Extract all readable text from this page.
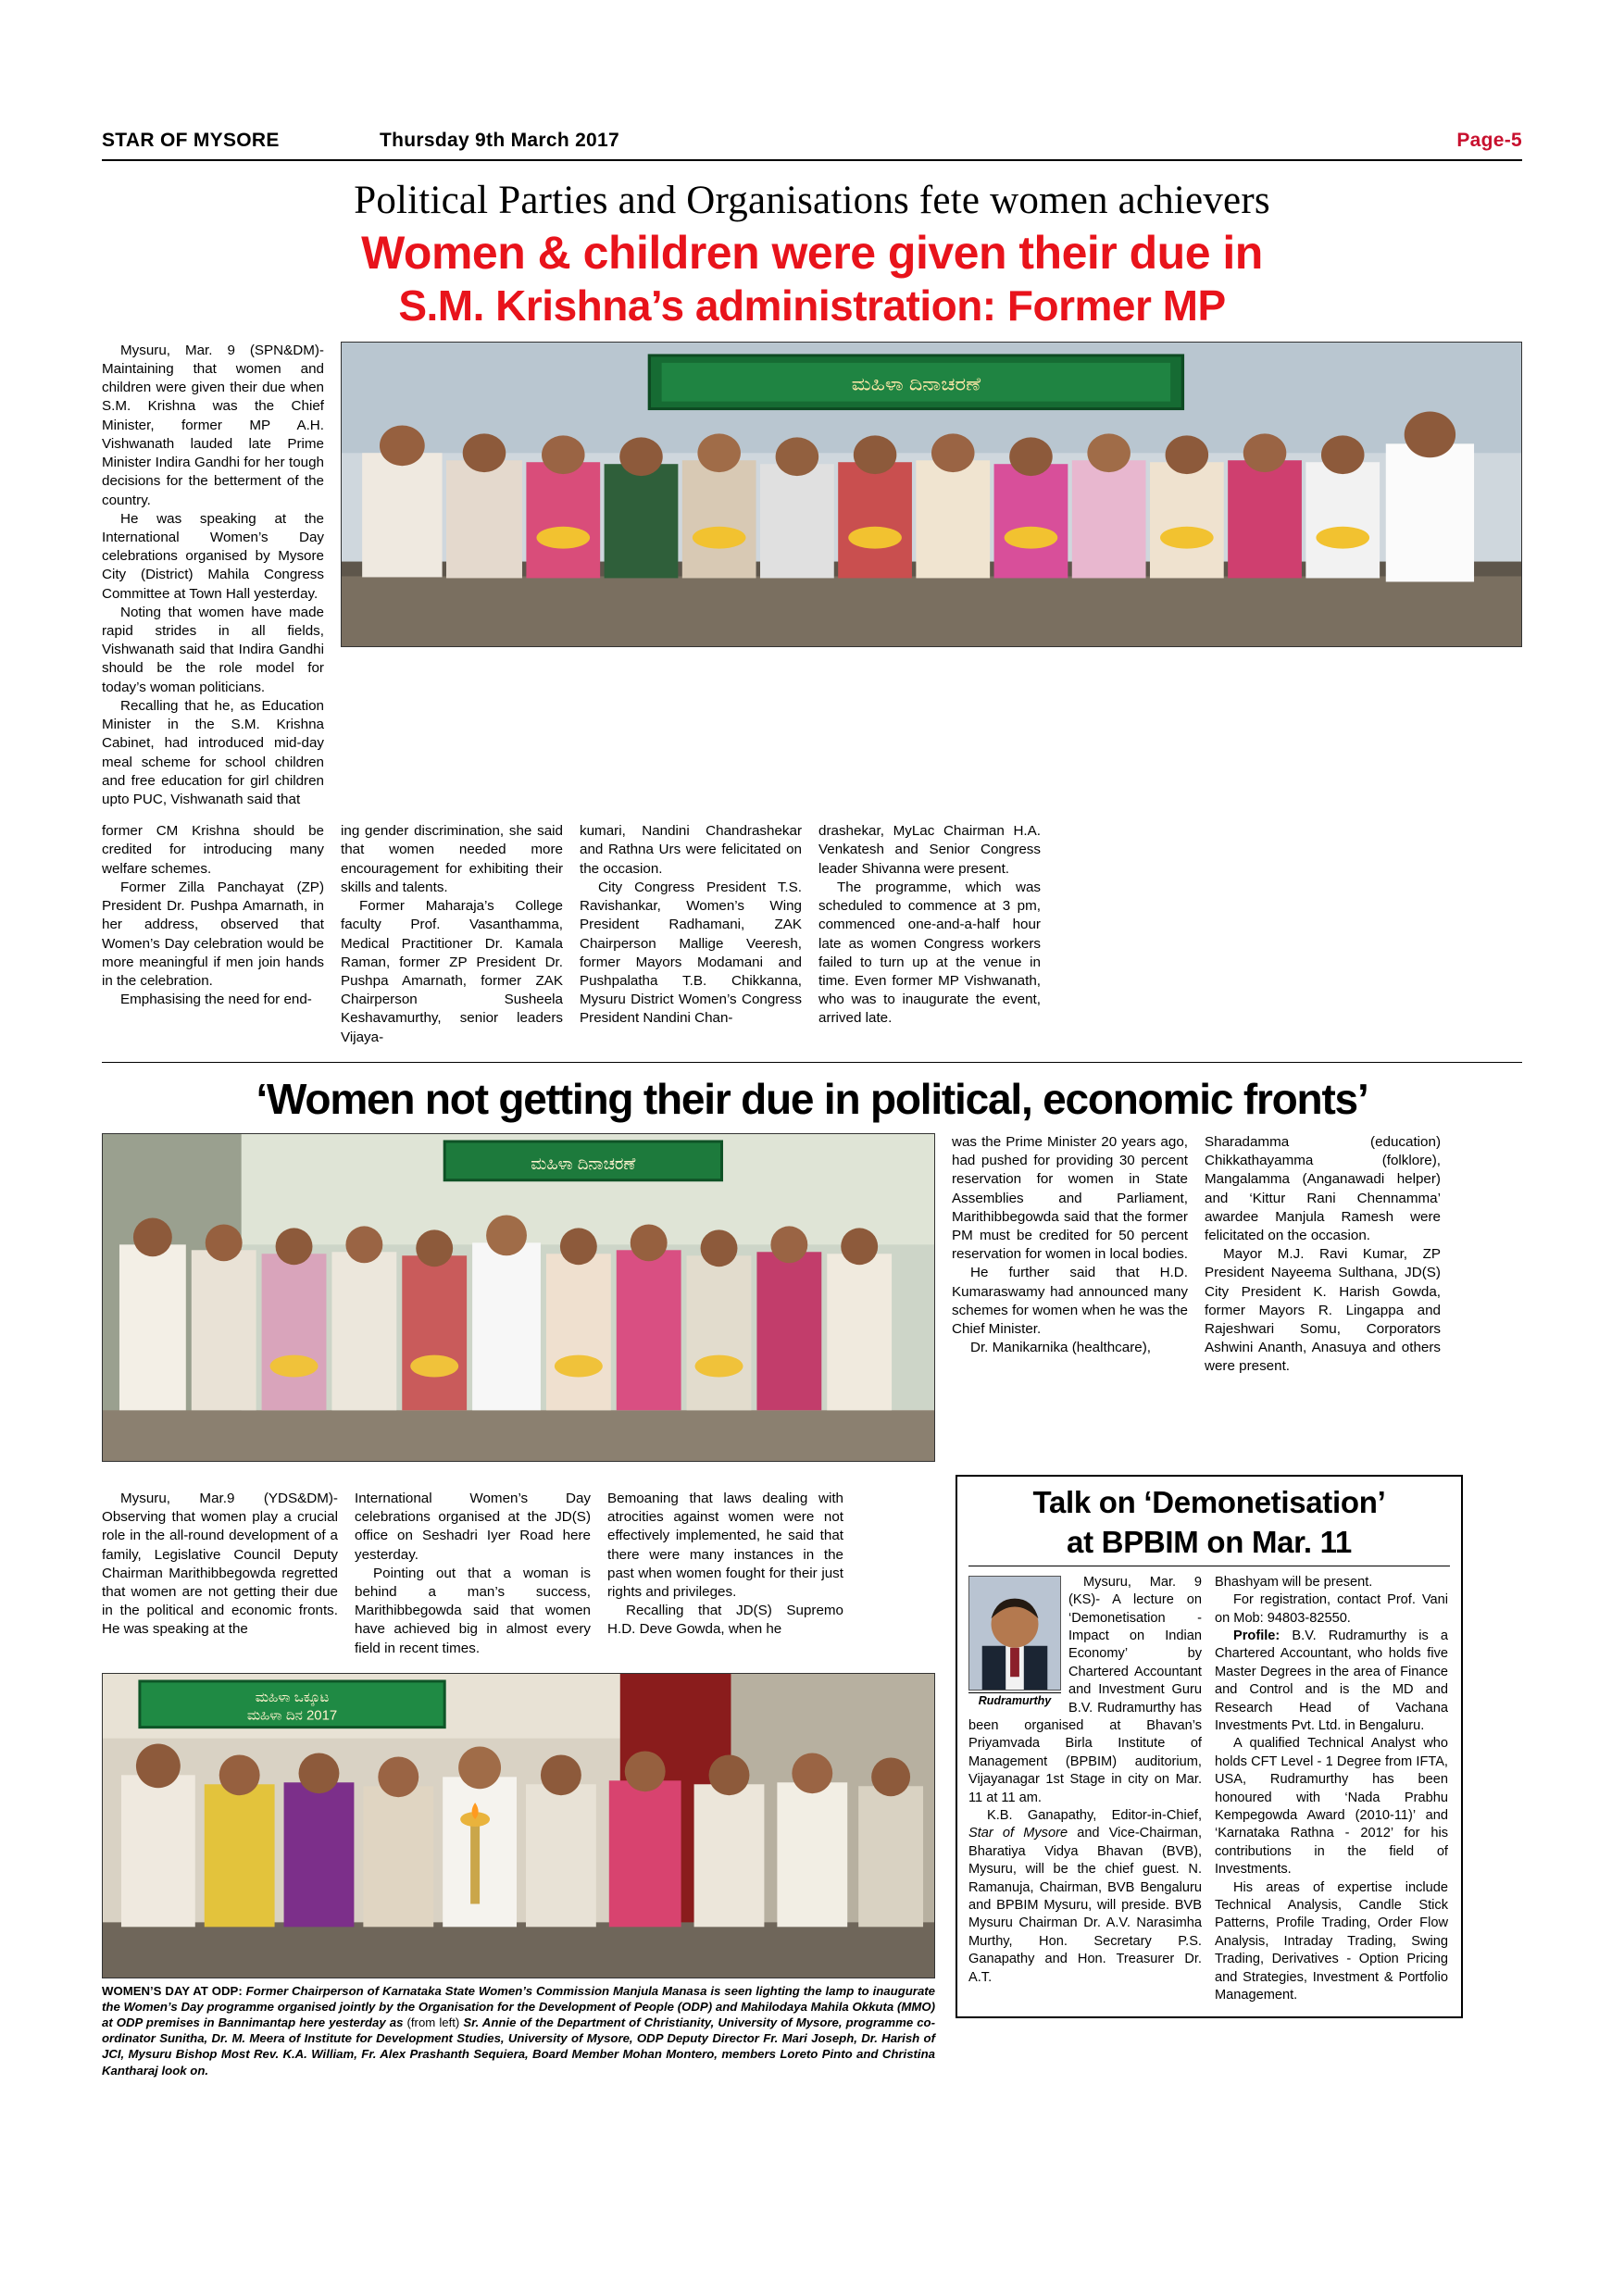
STAR OF MYSORE	Thursday 9th March 2017	Page-5
Political Parties and Organisations fete women achievers
Women & children were given their due in
S.M. Krishna’s administration: Former MP

Mysuru, Mar. 9 (SPN&DM)- Maintaining that women and children were given their due when S.M. Krishna was the Chief Minister, former MP A.H. Vishwanath lauded late Prime Minister Indira Gandhi for her tough decisions for the betterment of the country.

He was speaking at the International Women’s Day celebrations organised by Mysore City (District) Mahila Congress Committee at Town Hall yesterday.

Noting that women have made rapid strides in all fields, Vishwanath said that Indira Gandhi should be the role model for today’s woman politicians.

Recalling that he, as Education Minister in the S.M. Krishna Cabinet, had introduced mid-day meal scheme for school children and free education for girl children upto PUC, Vishwanath said that

ಮಹಿಳಾ ದಿನಾಚರಣೆ

former CM Krishna should be credited for introducing many welfare schemes.

Former Zilla Panchayat (ZP) President Dr. Pushpa Amarnath, in her address, observed that Women’s Day celebration would be more meaningful if men join hands in the celebration.

Emphasising the need for end-

ing gender discrimination, she said that women needed more encouragement for exhibiting their skills and talents.

Former Maharaja’s College faculty Prof. Vasanthamma, Medical Practitioner Dr. Kamala Raman, former ZP President Dr. Pushpa Amarnath, former ZAK Chairperson Susheela Keshavamurthy, senior leaders Vijaya-

kumari, Nandini Chandrashekar and Rathna Urs were felicitated on the occasion.

City Congress President T.S. Ravishankar, Women’s Wing President Radhamani, ZAK Chairperson Mallige Veeresh, former Mayors Modamani and Pushpalatha T.B. Chikkanna, Mysuru District Women’s Congress President Nandini Chan-

drashekar, MyLac Chairman H.A. Venkatesh and Senior Congress leader Shivanna were present.

The programme, which was scheduled to commence at 3 pm, commenced one-and-a-half hour late as women Congress workers failed to turn up at the venue in time. Even former MP Vishwanath, who was to inaugurate the event, arrived late.

‘Women not getting their due in political, economic fronts’
ಮಹಿಳಾ ದಿನಾಚರಣೆ

was the Prime Minister 20 years ago, had pushed for providing 30 percent reservation for women in State Assemblies and Parliament, Marithibbegowda said that the former PM must be credited for 50 percent reservation for women in local bodies.

He further said that H.D. Kumaraswamy had announced many schemes for women when he was the Chief Minister.

Dr. Manikarnika (healthcare),

Sharadamma (education) Chikkathayamma (folklore), Mangalamma (Anganawadi helper) and ‘Kittur Rani Chennamma’ awardee Manjula Ramesh were felicitated on the occasion.

Mayor M.J. Ravi Kumar, ZP President Nayeema Sulthana, JD(S) City President K. Harish Gowda, former Mayors R. Lingappa and Rajeshwari Somu, Corporators Ashwini Ananth, Anasuya and others were present.

Mysuru, Mar.9 (YDS&DM)- Observing that women play a crucial role in the all-round development of a family, Legislative Council Deputy Chairman Marithibbegowda regretted that women are not getting their due in the political and economic fronts. He was speaking at the

International Women’s Day celebrations organised at the JD(S) office on Seshadri Iyer Road here yesterday.

Pointing out that a woman is behind a man’s success, Marithibbegowda said that women have achieved big in almost every field in recent times.

Bemoaning that laws dealing with atrocities against women were not effectively implemented, he said that there were many instances in the past when women fought for their just rights and privileges.

Recalling that JD(S) Supremo H.D. Deve Gowda, when he

ಮಹಿಳಾ ಒಕ್ಕೂಟ
ಮಹಿಳಾ ದಿನ 2017
WOMEN’S DAY AT ODP: Former Chairperson of Karnataka State Women’s Commission Manjula Manasa is seen lighting the lamp to inaugurate the Women’s Day programme organised jointly by the Organisation for the Development of People (ODP) and Mahilodaya Mahila Okkuta (MMO) at ODP premises in Bannimantap here yesterday as (from left) Sr. Annie of the Department of Christianity, University of Mysore, programme co-ordinator Sunitha, Dr. M. Meera of Institute for Development Studies, University of Mysore, ODP Deputy Director Fr. Mari Joseph, Dr. Harish of JCI, Mysuru Bishop Most Rev. K.A. William, Fr. Alex Prashanth Sequiera, Board Member Mohan Montero, members Loreto Pinto and Christina Kantharaj look on.
Talk on ‘Demonetisation’
at BPBIM on Mar. 11
Rudramurthy

Mysuru, Mar. 9 (KS)- A lecture on ‘Demonetisation - Impact on Indian Economy’ by Chartered Accountant and Investment Guru B.V. Rudramurthy has been organised at Bhavan’s Priyamvada Birla Institute of Management (BPBIM) auditorium, Vijayanagar 1st Stage in city on Mar. 11 at 11 am.

K.B. Ganapathy, Editor-in-Chief, Star of Mysore and Vice-Chairman, Bharatiya Vidya Bhavan (BVB), Mysuru, will be the chief guest. N. Ramanuja, Chairman, BVB Bengaluru and BPBIM Mysuru, will preside. BVB Mysuru Chairman Dr. A.V. Narasimha Murthy, Hon. Secretary P.S. Ganapathy and Hon. Treasurer Dr. A.T.

Bhashyam will be present.

For registration, contact Prof. Vani on Mob: 94803-82550.

Profile: B.V. Rudramurthy is a Chartered Accountant, who holds five Master Degrees in the area of Finance and Control and is the MD and Research Head of Vachana Investments Pvt. Ltd. in Bengaluru.

A qualified Technical Analyst who holds CFT Level - 1 Degree from IFTA, USA, Rudramurthy has been honoured with ‘Nada Prabhu Kempegowda Award (2010-11)’ and ‘Karnataka Rathna - 2012’ for his contributions in the field of Investments.

His areas of expertise include Technical Analysis, Candle Stick Patterns, Profile Trading, Order Flow Analysis, Intraday Trading, Swing Trading, Derivatives - Option Pricing and Strategies, Investment & Portfolio Management.
